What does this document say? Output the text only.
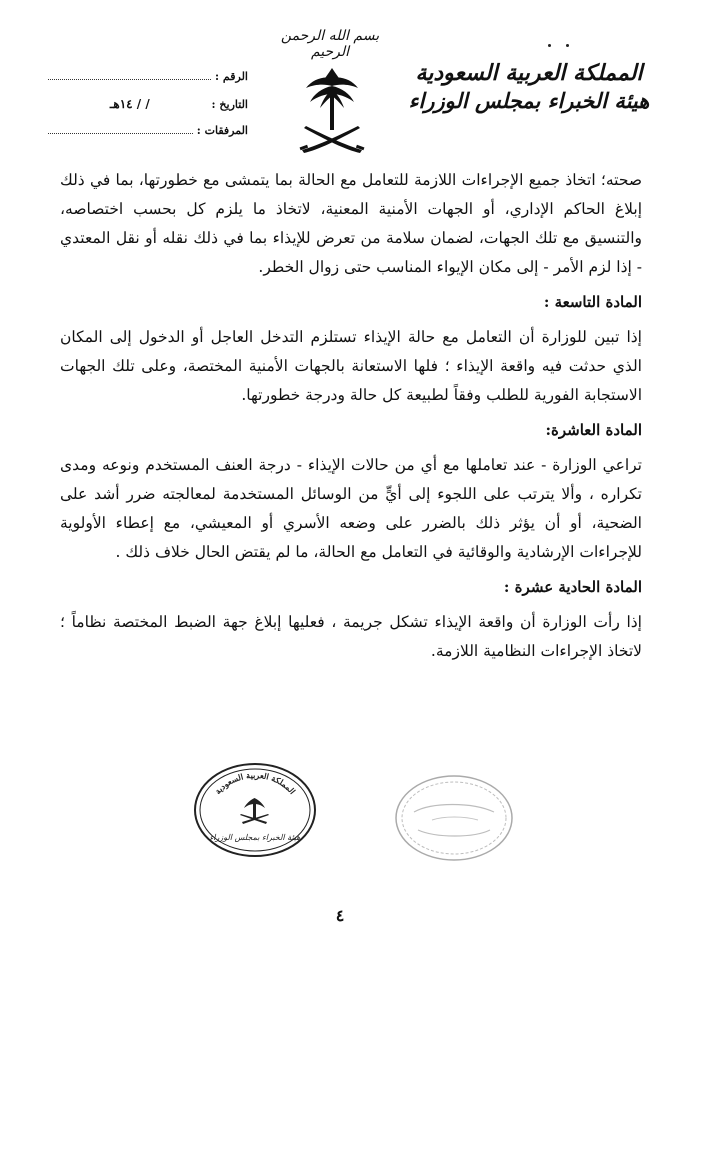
بسم الله الرحمن الرحيم
المملكة العربية السعودية
هيئة الخبراء بمجلس الوزراء
الرقم :
التاريخ :
/ / ١٤هـ
المرفقات :

صحته؛ اتخاذ جميع الإجراءات اللازمة للتعامل مع الحالة بما يتمشى مع خطورتها، بما في ذلك إبلاغ الحاكم الإداري، أو الجهات الأمنية المعنية، لاتخاذ ما يلزم كل بحسب اختصاصه، والتنسيق مع تلك الجهات، لضمان سلامة من تعرض للإيذاء بما في ذلك نقله أو نقل المعتدي - إذا لزم الأمر - إلى مكان الإيواء المناسب حتى زوال الخطر.

المادة التاسعة :

إذا تبين للوزارة أن التعامل مع حالة الإيذاء تستلزم التدخل العاجل أو الدخول إلى المكان الذي حدثت فيه واقعة الإيذاء ؛ فلها الاستعانة بالجهات الأمنية المختصة، وعلى تلك الجهات الاستجابة الفورية للطلب وفقاً لطبيعة كل حالة ودرجة خطورتها.

المادة العاشرة:

تراعي الوزارة - عند تعاملها مع أي من حالات الإيذاء - درجة العنف المستخدم ونوعه ومدى تكراره ، وألا يترتب على اللجوء إلى أيٍّ من الوسائل المستخدمة لمعالجته ضرر أشد على الضحية، أو أن يؤثر ذلك بالضرر على وضعه الأسري أو المعيشي، مع إعطاء الأولوية للإجراءات الإرشادية والوقائية في التعامل مع الحالة، ما لم يقتض الحال خلاف ذلك .

المادة الحادية عشرة :

إذا رأت الوزارة أن واقعة الإيذاء تشكل جريمة ، فعليها إبلاغ جهة الضبط المختصة نظاماً ؛ لاتخاذ الإجراءات النظامية اللازمة.

المملكة العربية السعودية
هيئة الخبراء بمجلس الوزراء
٤
